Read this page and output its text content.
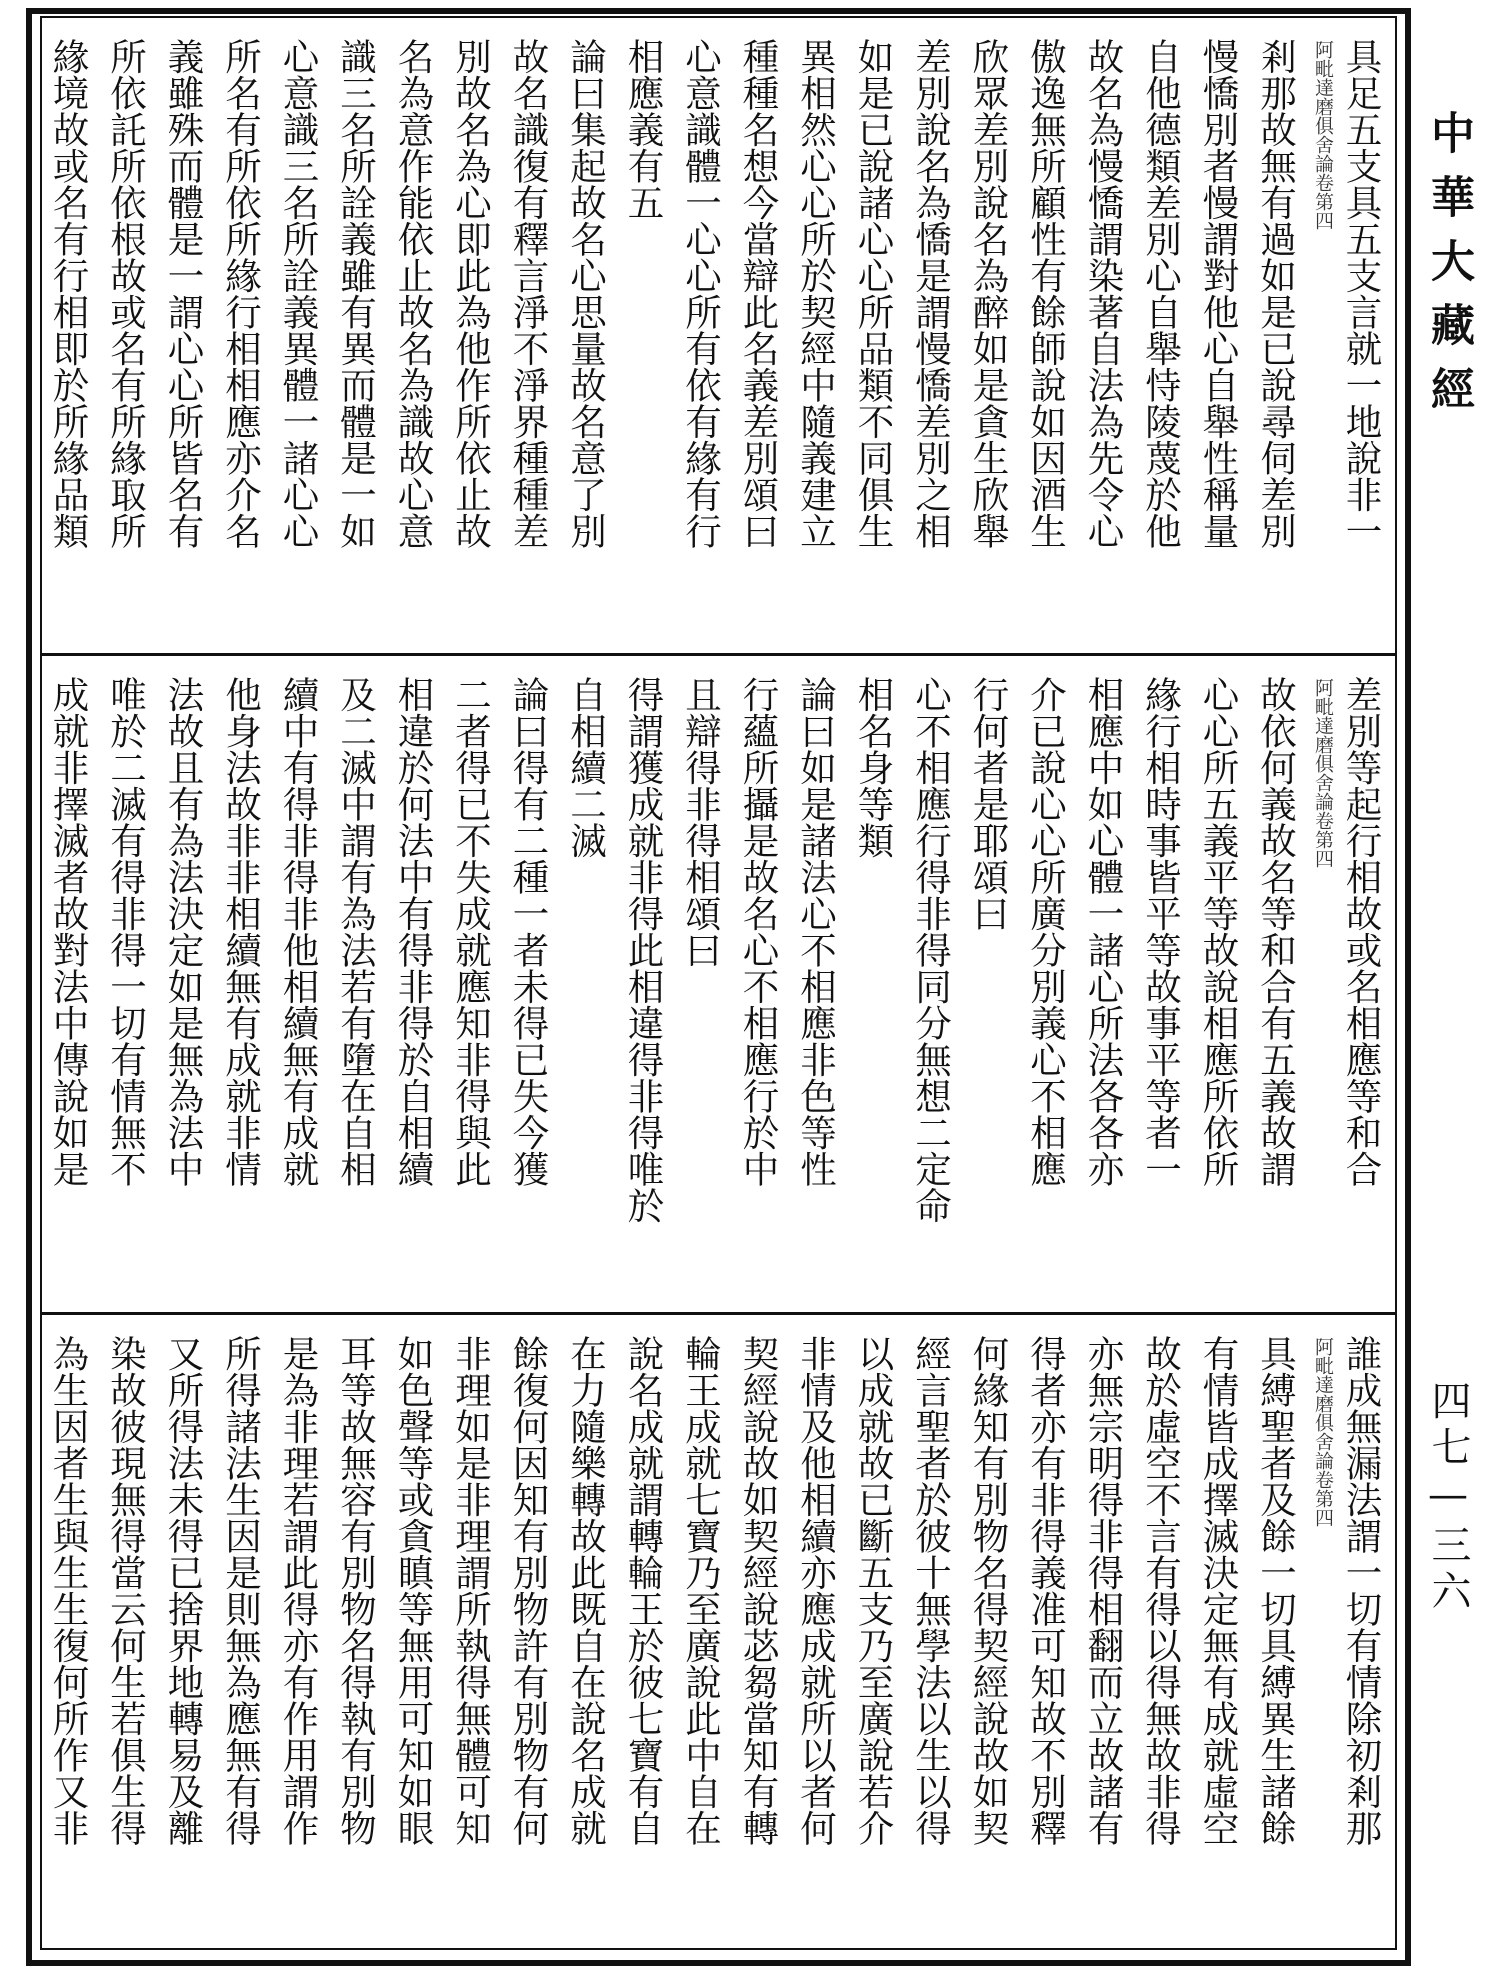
具足五支具五支言就一地說非一
剎那故無有過如是已說尋伺差別
慢憍別者慢謂對他心自舉性稱量
自他德類差別心自舉恃陵蔑於他
故名為慢憍謂染著自法為先令心
傲逸無所顧性有餘師說如因酒生
欣眾差別說名為醉如是貪生欣舉
差別說名為憍是謂慢憍差別之相
如是已說諸心心所品類不同俱生
異相然心心所於契經中隨義建立
種種名想今當辯此名義差別頌曰
心意識體一心心所有依有緣有行
相應義有五
論曰集起故名心思量故名意了別
故名識復有釋言淨不淨界種種差
別故名為心即此為他作所依止故
名為意作能依止故名為識故心意
識三名所詮義雖有異而體是一如
心意識三名所詮義異體一諸心心
所名有所依所緣行相相應亦介名
義雖殊而體是一謂心心所皆名有
所依託所依根故或名有所緣取所
緣境故或名有行相即於所緣品類	阿毗達磨俱舍論卷第四
差別等起行相故或名相應等和合
故依何義故名等和合有五義故謂
心心所五義平等故說相應所依所
緣行相時事皆平等故事平等者一
相應中如心體一諸心所法各各亦
介已說心心所廣分別義心不相應
行何者是耶頌曰
心不相應行得非得同分無想二定命
相名身等類
論曰如是諸法心不相應非色等性
行蘊所攝是故名心不相應行於中
且辯得非得相頌曰
得謂獲成就非得此相違得非得唯於
自相續二滅
論曰得有二種一者未得已失今獲
二者得已不失成就應知非得與此
相違於何法中有得非得於自相續
及二滅中謂有為法若有墮在自相
續中有得非得非他相續無有成就
他身法故非非相續無有成就非情
法故且有為法決定如是無為法中
唯於二滅有得非得一切有情無不
成就非擇滅者故對法中傳說如是	阿毗達磨俱舍論卷第四
誰成無漏法謂一切有情除初剎那
具縛聖者及餘一切具縛異生諸餘
有情皆成擇滅決定無有成就虛空
故於虛空不言有得以得無故非得
亦無宗明得非得相翻而立故諸有
得者亦有非得義准可知故不別釋
何緣知有別物名得契經說故如契
經言聖者於彼十無學法以生以得
以成就故已斷五支乃至廣說若介
非情及他相續亦應成就所以者何
契經說故如契經說苾芻當知有轉
輪王成就七寶乃至廣說此中自在
說名成就謂轉輪王於彼七寶有自
在力隨樂轉故此既自在說名成就
餘復何因知有別物許有別物有何
非理如是非理謂所執得無體可知
如色聲等或貪瞋等無用可知如眼
耳等故無容有別物名得執有別物
是為非理若謂此得亦有作用謂作
所得諸法生因是則無為應無有得
又所得法未得已捨界地轉易及離
染故彼現無得當云何生若俱生得
為生因者生與生生復何所作又非	阿毗達磨俱舍論卷第四
中華大藏經
四七—三六
